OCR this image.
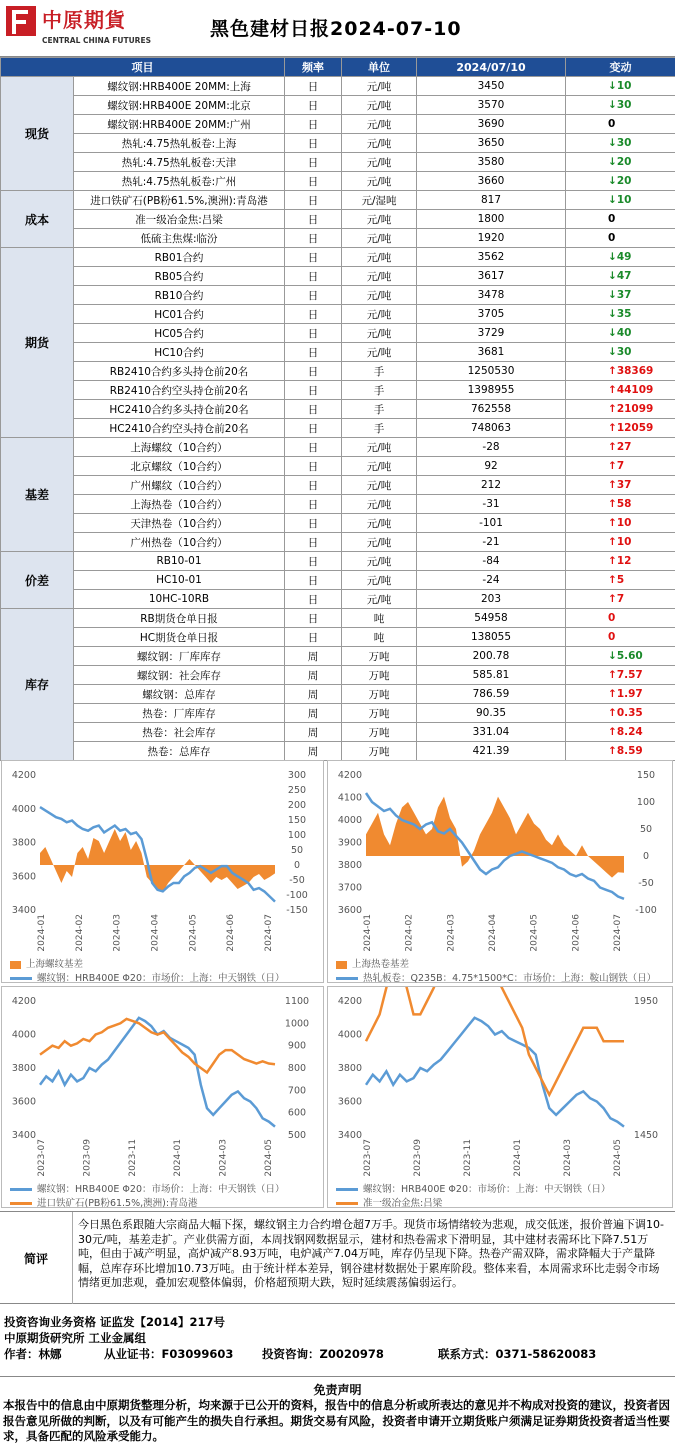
中原期貨
CENTRAL CHINA FUTURES
黑色建材日报2024-07-10
项目		频率	单位	2024/07/10	变动
现货	螺纹钢:HRB400E 20MM:上海	日	元/吨	3450	↓10
	螺纹钢:HRB400E 20MM:北京	日	元/吨	3570	↓30
	螺纹钢:HRB400E 20MM:广州	日	元/吨	3690	0
	热轧:4.75热轧板卷:上海	日	元/吨	3650	↓30
	热轧:4.75热轧板卷:天津	日	元/吨	3580	↓20
	热轧:4.75热轧板卷:广州	日	元/吨	3660	↓20
成本	进口铁矿石(PB粉61.5%,澳洲):青岛港	日	元/湿吨	817	↓10
	准一级冶金焦:吕梁	日	元/吨	1800	0
	低硫主焦煤:临汾	日	元/吨	1920	0
期货	RB01合约	日	元/吨	3562	↓49
	RB05合约	日	元/吨	3617	↓47
	RB10合约	日	元/吨	3478	↓37
	HC01合约	日	元/吨	3705	↓35
	HC05合约	日	元/吨	3729	↓40
	HC10合约	日	元/吨	3681	↓30
	RB2410合约多头持仓前20名	日	手	1250530	↑38369
	RB2410合约空头持仓前20名	日	手	1398955	↑44109
	HC2410合约多头持仓前20名	日	手	762558	↑21099
	HC2410合约空头持仓前20名	日	手	748063	↑12059
基差	上海螺纹（10合约）	日	元/吨	-28	↑27
	北京螺纹（10合约）	日	元/吨	92	↑7
	广州螺纹（10合约）	日	元/吨	212	↑37
	上海热卷（10合约）	日	元/吨	-31	↑58
	天津热卷（10合约）	日	元/吨	-101	↑10
	广州热卷（10合约）	日	元/吨	-21	↑10
价差	RB10-01	日	元/吨	-84	↑12
	HC10-01	日	元/吨	-24	↑5
	10HC-10RB	日	元/吨	203	↑7
库存	RB期货仓单日报	日	吨	54958	0
	HC期货仓单日报	日	吨	138055	0
	螺纹钢：厂库库存	周	万吨	200.78	↓5.60
	螺纹钢：社会库存	周	万吨	585.81	↑7.57
	螺纹钢：总库存	周	万吨	786.59	↑1.97
	热卷：厂库库存	周	万吨	90.35	↑0.35
	热卷：社会库存	周	万吨	331.04	↑8.24
	热卷：总库存	周	万吨	421.39	↑8.59
3400
3600
3800
4000
4200
-150
-100
-50
0
50
100
150
200
250
300
2024-01	2024-02	2024-03	2024-04	2024-05	2024-06	2024-07
上海螺纹基差
螺纹钢：HRB400E Φ20：市场价：上海：中天钢铁（日）
3600
3700
3800
3900
4000
4100
4200
-100
-50
0
50
100
150
2024-01	2024-02	2024-03	2024-04	2024-05	2024-06	2024-07
上海热卷基差
热轧板卷：Q235B：4.75*1500*C：市场价：上海：鞍山钢铁（日）
3400
3600
3800
4000
4200
500
600
700
800
900
1000
1100
2023-07	2023-09	2023-11	2024-01	2024-03	2024-05
螺纹钢：HRB400E Φ20：市场价：上海：中天钢铁（日）
进口铁矿石(PB粉61.5%,澳洲):青岛港
3400
3600
3800
4000
4200
1450
1950
2023-07	2023-09	2023-11	2024-01	2024-03	2024-05
螺纹钢：HRB400E Φ20：市场价：上海：中天钢铁（日）
准一级冶金焦:吕梁
简评
今日黑色系跟随大宗商品大幅下探，螺纹钢主力合约增仓超7万手。现货市场情绪较为悲观，成交低迷，报价普遍下调10-30元/吨，基差走扩。产业供需方面，本周找钢网数据显示，建材和热卷需求下滑明显，其中建材表需环比下降7.51万吨，但由于减产明显，高炉减产8.93万吨，电炉减产7.04万吨，库存仍呈现下降。热卷产需双降，需求降幅大于产量降幅，总库存环比增加10.73万吨。由于统计样本差异，钢谷建材数据处于累库阶段。整体来看，本周需求环比走弱令市场情绪更加悲观，叠加宏观整体偏弱，价格超预期大跌，短时延续震荡偏弱运行。
投资咨询业务资格 证监发【2014】217号
中原期货研究所 工业金属组
作者：林娜	从业证书：F03099603	投资咨询：Z0020978	联系方式：0371-58620083
免责声明
本报告中的信息由中原期货整理分析，均来源于已公开的资料，报告中的信息分析或所表达的意见并不构成对投资的建议，投资者因报告意见所做的判断，以及有可能产生的损失自行承担。期货交易有风险，投资者申请开立期货账户须满足证券期货投资者适当性要求，具备匹配的风险承受能力。
